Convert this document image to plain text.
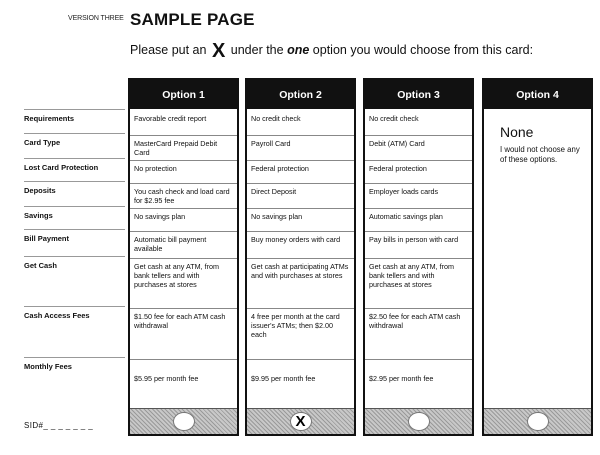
VERSION THREE SAMPLE PAGE
Please put an X under the one option you would choose from this card:
Requirements
Card Type
Lost Card Protection
Deposits
Savings
Bill Payment
Get Cash
Cash Access Fees
Monthly Fees
Option 1
Favorable credit report
MasterCard Prepaid Debit Card
No protection
You cash check and load card for $2.95 fee
No savings plan
Automatic bill payment available
Get cash at any ATM, from bank tellers and with purchases at stores
$1.50 fee for each ATM cash withdrawal
$5.95 per month fee
Option 2
No credit check
Payroll Card
Federal protection
Direct Deposit
No savings plan
Buy money orders with card
Get cash at participating ATMs and with purchases at stores
4 free per month at the card issuer's ATMs; then $2.00 each
$9.95 per month fee
X
Option 3
No credit check
Debit (ATM) Card
Federal protection
Employer loads cards
Automatic savings plan
Pay bills in person with card
Get cash at any ATM, from bank tellers and with purchases at stores
$2.50 fee for each ATM cash withdrawal
$2.95 per month fee
Option 4
None
I would not choose any of these options.
SID#_ _ _ _ _ _ _
